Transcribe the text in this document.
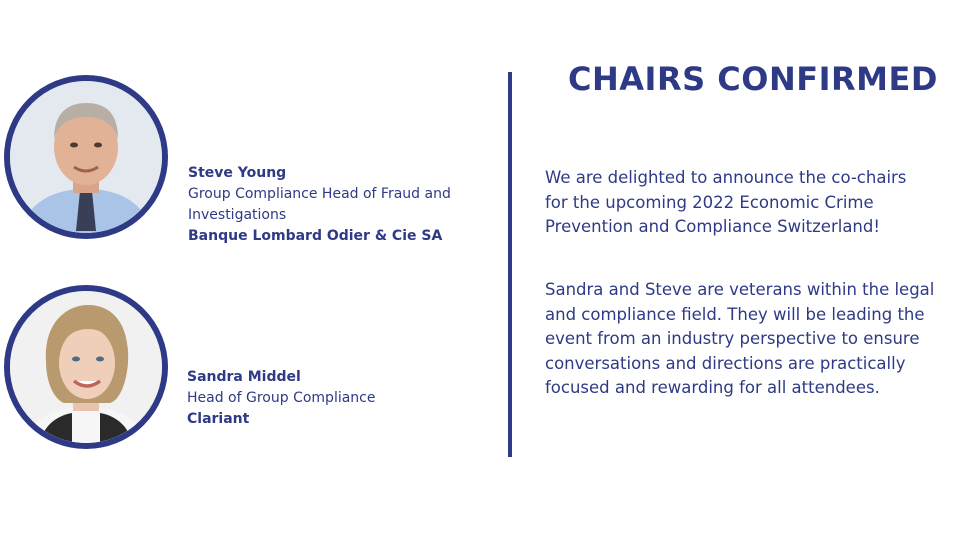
Steve Young
Group Compliance Head of Fraud and
Investigations
Banque Lombard Odier & Cie SA
Sandra Middel
Head of Group Compliance
Clariant
CHAIRS CONFIRMED
We are delighted to announce the co-chairs
for the upcoming 2022 Economic Crime
Prevention and Compliance Switzerland!
Sandra and Steve are veterans within the legal
and compliance field. They will be leading the
event from an industry perspective to ensure
conversations and directions are practically
focused and rewarding for all attendees.
